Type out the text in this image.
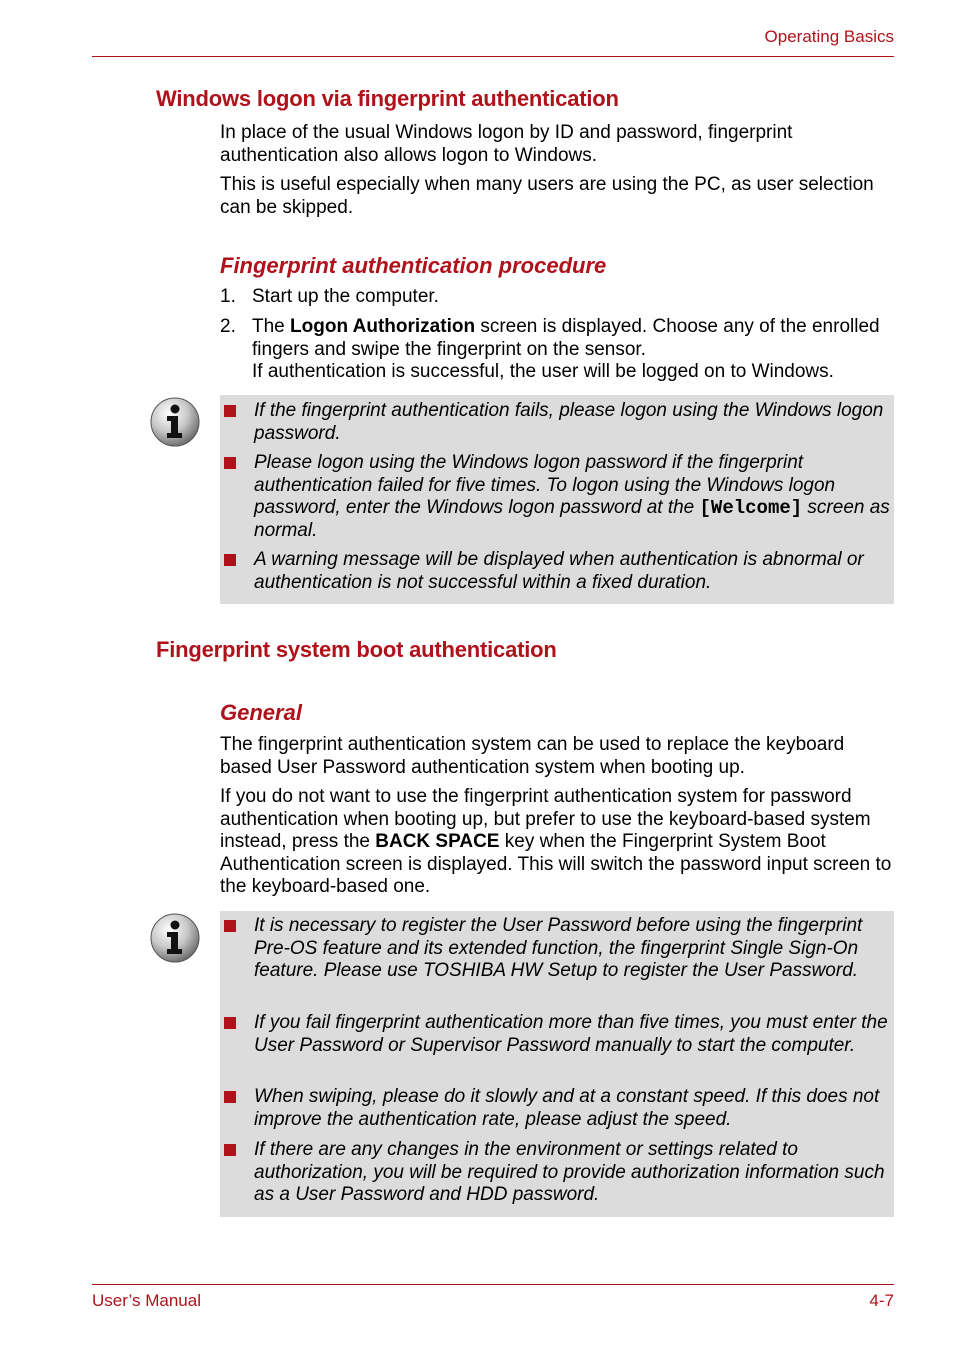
Operating Basics
Windows logon via fingerprint authentication
In place of the usual Windows logon by ID and password, fingerprint authentication also allows logon to Windows.
This is useful especially when many users are using the PC, as user selection can be skipped.
Fingerprint authentication procedure
1. Start up the computer.
2. The Logon Authorization screen is displayed. Choose any of the enrolled fingers and swipe the fingerprint on the sensor.
If authentication is successful, the user will be logged on to Windows.
If the fingerprint authentication fails, please logon using the Windows logon password.
Please logon using the Windows logon password if the fingerprint authentication failed for five times. To logon using the Windows logon password, enter the Windows logon password at the [Welcome] screen as normal.
A warning message will be displayed when authentication is abnormal or authentication is not successful within a fixed duration.
Fingerprint system boot authentication
General
The fingerprint authentication system can be used to replace the keyboard based User Password authentication system when booting up.
If you do not want to use the fingerprint authentication system for password authentication when booting up, but prefer to use the keyboard-based system instead, press the BACK SPACE key when the Fingerprint System Boot Authentication screen is displayed. This will switch the password input screen to the keyboard-based one.
It is necessary to register the User Password before using the fingerprint Pre-OS feature and its extended function, the fingerprint Single Sign-On feature. Please use TOSHIBA HW Setup to register the User Password.
If you fail fingerprint authentication more than five times, you must enter the User Password or Supervisor Password manually to start the computer.
When swiping, please do it slowly and at a constant speed. If this does not improve the authentication rate, please adjust the speed.
If there are any changes in the environment or settings related to authorization, you will be required to provide authorization information such as a User Password and HDD password.
User’s Manual	4-7
